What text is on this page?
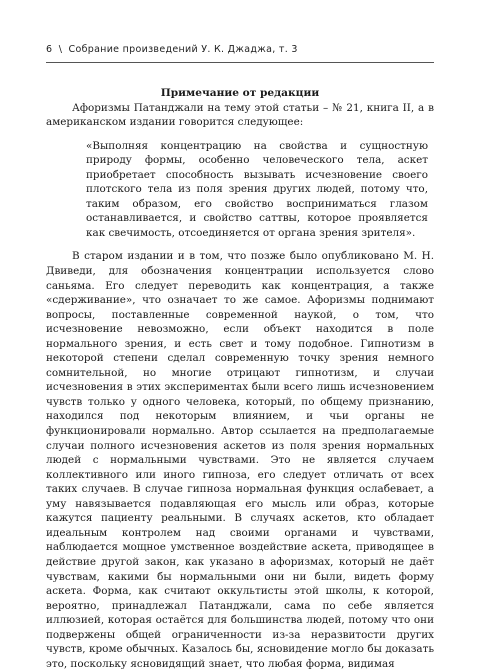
6 \ Собрание произведений У. К. Джаджа, т. 3

Примечание от редакции

Афоризмы Патанджали на тему этой статьи – № 21, книга II, а в американском издании говорится следующее:

«Выполняя концентрацию на свойства и сущностную природу формы, особенно человеческого тела, аскет приобретает способность вызывать исчезновение своего плотского тела из поля зрения других людей, потому что, таким образом, его свойство восприниматься глазом останавливается, и свойство саттвы, которое проявляется как свечимость, отсоединяется от органа зрения зрителя».

В старом издании и в том, что позже было опубликовано М. Н. Двиведи, для обозначения концентрации используется слово саньяма. Его следует переводить как концентрация, а также «сдерживание», что означает то же самое. Афоризмы поднимают вопросы, поставленные современной наукой, о том, что исчезновение невозможно, если объект находится в поле нормального зрения, и есть свет и тому подобное. Гипнотизм в некоторой степени сделал современную точку зрения немного сомнительной, но многие отрицают гипнотизм, и случаи исчезновения в этих экспериментах были всего лишь исчезновением чувств только у одного человека, который, по общему признанию, находился под некоторым влиянием, и чьи органы не функционировали нормально. Автор ссылается на предполагаемые случаи полного исчезновения аскетов из поля зрения нормальных людей с нормальными чувствами. Это не является случаем коллективного или иного гипноза, его следует отличать от всех таких случаев. В случае гипноза нормальная функция ослабевает, а уму навязывается подавляющая его мысль или образ, которые кажутся пациенту реальными. В случаях аскетов, кто обладает идеальным контролем над своими органами и чувствами, наблюдается мощное умственное воздействие аскета, приводящее в действие другой закон, как указано в афоризмах, который не даёт чувствам, какими бы нормальными они ни были, видеть форму аскета. Форма, как считают оккультисты этой школы, к которой, вероятно, принадлежал Патанджали, сама по себе является иллюзией, которая остаётся для большинства людей, потому что они подвержены общей ограниченности из-за неразвитости других чувств, кроме обычных. Казалось бы, ясновидение могло бы доказать это, поскольку ясновидящий знает, что любая форма, видимая
